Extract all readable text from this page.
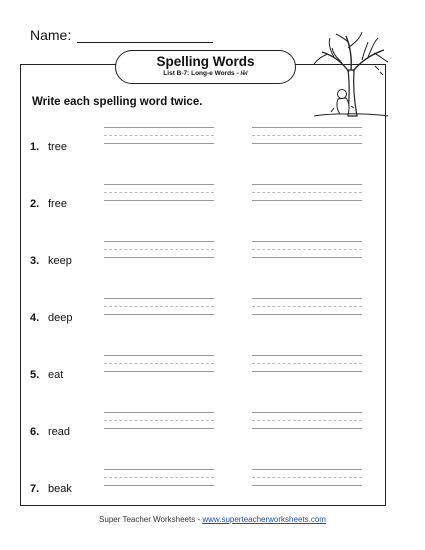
Name:
Spelling Words
List B-7: Long-e Words - /ē/
Write each spelling word twice.
1. tree
2. free
3. keep
4. deep
5. eat
6. read
7. beak
Super Teacher Worksheets - www.superteacherworksheets.com
